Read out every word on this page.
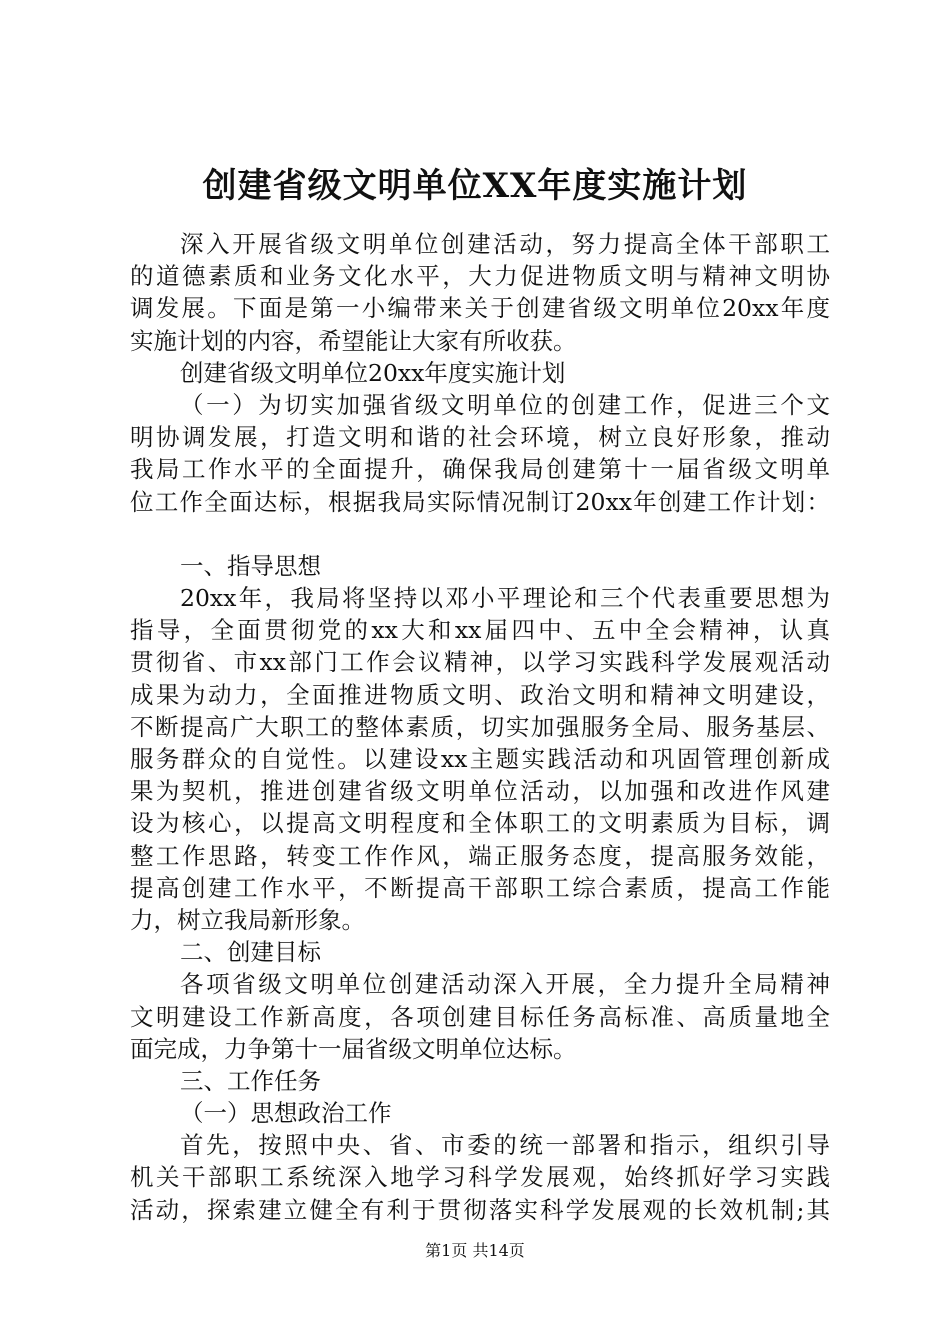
创建省级文明单位XX年度实施计划
深入开展省级文明单位创建活动，努力提高全体干部职工
的道德素质和业务文化水平，大力促进物质文明与精神文明协
调发展。下面是第一小编带来关于创建省级文明单位20xx年度
实施计划的内容，希望能让大家有所收获。
创建省级文明单位20xx年度实施计划
（一）为切实加强省级文明单位的创建工作，促进三个文
明协调发展，打造文明和谐的社会环境，树立良好形象，推动
我局工作水平的全面提升，确保我局创建第十一届省级文明单
位工作全面达标，根据我局实际情况制订20xx年创建工作计划：
一、指导思想
20xx年，我局将坚持以邓小平理论和三个代表重要思想为
指导，全面贯彻党的xx大和xx届四中、五中全会精神，认真
贯彻省、市xx部门工作会议精神，以学习实践科学发展观活动
成果为动力，全面推进物质文明、政治文明和精神文明建设，
不断提高广大职工的整体素质，切实加强服务全局、服务基层、
服务群众的自觉性。以建设xx主题实践活动和巩固管理创新成
果为契机，推进创建省级文明单位活动，以加强和改进作风建
设为核心，以提高文明程度和全体职工的文明素质为目标，调
整工作思路，转变工作作风，端正服务态度，提高服务效能，
提高创建工作水平，不断提高干部职工综合素质，提高工作能
力，树立我局新形象。
二、创建目标
各项省级文明单位创建活动深入开展，全力提升全局精神
文明建设工作新高度，各项创建目标任务高标准、高质量地全
面完成，力争第十一届省级文明单位达标。
三、工作任务
（一）思想政治工作
首先，按照中央、省、市委的统一部署和指示，组织引导
机关干部职工系统深入地学习科学发展观，始终抓好学习实践
活动，探索建立健全有利于贯彻落实科学发展观的长效机制;其
第1页 共14页
